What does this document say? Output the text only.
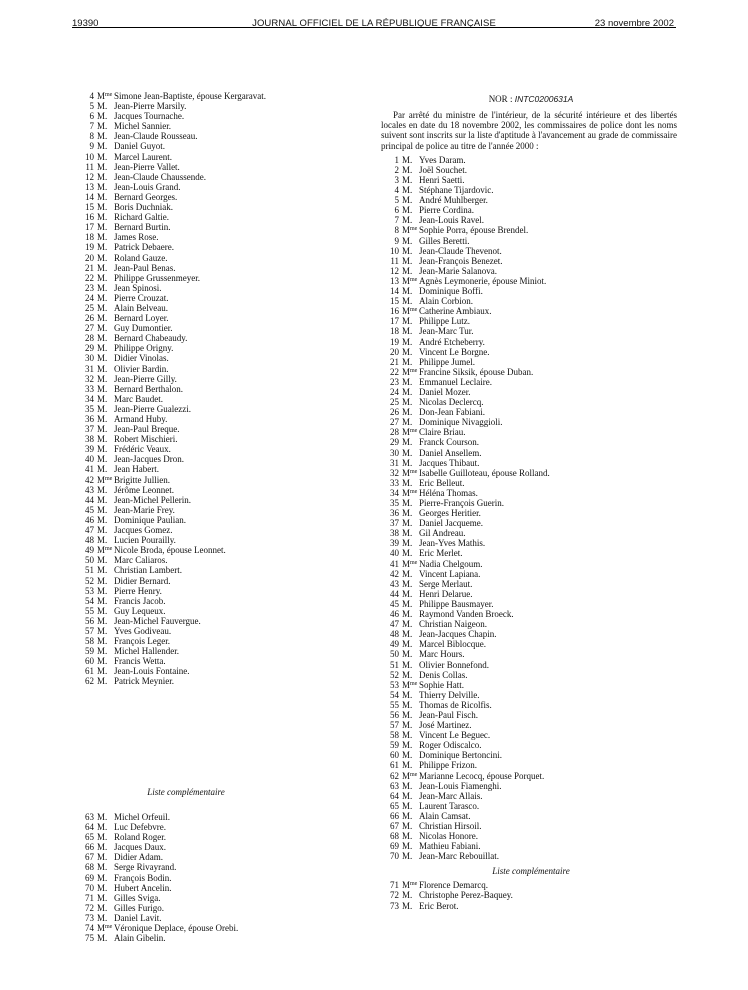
19390	JOURNAL OFFICIEL DE LA RÉPUBLIQUE FRANÇAISE	23 novembre 2002
4 $M^{me}$ Simone Jean-Baptiste, épouse Kergaravat.
5 M. Jean-Pierre Marsily.
6 M. Jacques Tournache.
7 M. Michel Sannier.
8 M. Jean-Claude Rousseau.
9 M. Daniel Guyot.
10 M. Marcel Laurent.
11 M. Jean-Pierre Vallet.
12 M. Jean-Claude Chaussende.
13 M. Jean-Louis Grand.
14 M. Bernard Georges.
15 M. Boris Duchniak.
16 M. Richard Galtie.
17 M. Bernard Burtin.
18 M. James Rose.
19 M. Patrick Debaere.
20 M. Roland Gauze.
21 M. Jean-Paul Benas.
22 M. Philippe Grussenmeyer.
23 M. Jean Spinosi.
24 M. Pierre Crouzat.
25 M. Alain Belveau.
26 M. Bernard Loyer.
27 M. Guy Dumontier.
28 M. Bernard Chabeaudy.
29 M. Philippe Origny.
30 M. Didier Vinolas.
31 M. Olivier Bardin.
32 M. Jean-Pierre Gilly.
33 M. Bernard Berthalon.
34 M. Marc Baudet.
35 M. Jean-Pierre Gualezzi.
36 M. Armand Huby.
37 M. Jean-Paul Breque.
38 M. Robert Mischieri.
39 M. Frédéric Veaux.
40 M. Jean-Jacques Dron.
41 M. Jean Habert.
42 $M^{me}$ Brigitte Jullien.
43 M. Jérôme Leonnet.
44 M. Jean-Michel Pellerin.
45 M. Jean-Marie Frey.
46 M. Dominique Paulian.
47 M. Jacques Gomez.
48 M. Lucien Pourailly.
49 $M^{me}$ Nicole Broda, épouse Leonnet.
50 M. Marc Caliaros.
51 M. Christian Lambert.
52 M. Didier Bernard.
53 M. Pierre Henry.
54 M. Francis Jacob.
55 M. Guy Lequeux.
56 M. Jean-Michel Fauvergue.
57 M. Yves Godiveau.
58 M. François Leger.
59 M. Michel Hallender.
60 M. Francis Wetta.
61 M. Jean-Louis Fontaine.
62 M. Patrick Meynier.
Liste complémentaire
63 M. Michel Orfeuil.
64 M. Luc Defebvre.
65 M. Roland Roger.
66 M. Jacques Daux.
67 M. Didier Adam.
68 M. Serge Rivayrand.
69 M. François Bodin.
70 M. Hubert Ancelin.
71 M. Gilles Sviga.
72 M. Gilles Furigo.
73 M. Daniel Lavit.
74 $M^{me}$ Véronique Deplace, épouse Orebi.
75 M. Alain Gibelin.
NOR : INTC0200631A

Par arrêté du ministre de l'intérieur, de la sécurité intérieure et des libertés locales en date du 18 novembre 2002, les commissaires de police dont les noms suivent sont inscrits sur la liste d'aptitude à l'avancement au grade de commissaire principal de police au titre de l'année 2000 :

1 M. Yves Daram.
2 M. Joël Souchet.
3 M. Henri Saetti.
4 M. Stéphane Tijardovic.
5 M. André Muhlberger.
6 M. Pierre Cordina.
7 M. Jean-Louis Ravel.
8 $M^{me}$ Sophie Porra, épouse Brendel.
9 M. Gilles Beretti.
10 M. Jean-Claude Thevenot.
11 M. Jean-François Benezet.
12 M. Jean-Marie Salanova.
13 $M^{me}$ Agnès Leymonerie, épouse Miniot.
14 M. Dominique Boffi.
15 M. Alain Corbion.
16 $M^{me}$ Catherine Ambiaux.
17 M. Philippe Lutz.
18 M. Jean-Marc Tur.
19 M. André Etcheberry.
20 M. Vincent Le Borgne.
21 M. Philippe Jumel.
22 $M^{me}$ Francine Siksik, épouse Duban.
23 M. Emmanuel Leclaire.
24 M. Daniel Mozer.
25 M. Nicolas Declercq.
26 M. Don-Jean Fabiani.
27 M. Dominique Nivaggioli.
28 $M^{me}$ Claire Briau.
29 M. Franck Courson.
30 M. Daniel Ansellem.
31 M. Jacques Thibaut.
32 $M^{me}$ Isabelle Guilloteau, épouse Rolland.
33 M. Eric Belleut.
34 $M^{me}$ Héléna Thomas.
35 M. Pierre-François Guerin.
36 M. Georges Heritier.
37 M. Daniel Jacqueme.
38 M. Gil Andreau.
39 M. Jean-Yves Mathis.
40 M. Eric Merlet.
41 $M^{me}$ Nadia Chelgoum.
42 M. Vincent Lapiana.
43 M. Serge Merlaut.
44 M. Henri Delarue.
45 M. Philippe Bausmayer.
46 M. Raymond Vanden Broeck.
47 M. Christian Naigeon.
48 M. Jean-Jacques Chapin.
49 M. Marcel Biblocque.
50 M. Marc Hours.
51 M. Olivier Bonnefond.
52 M. Denis Collas.
53 $M^{me}$ Sophie Hatt.
54 M. Thierry Delville.
55 M. Thomas de Ricolfis.
56 M. Jean-Paul Fisch.
57 M. José Martinez.
58 M. Vincent Le Beguec.
59 M. Roger Odiscalco.
60 M. Dominique Bertoncini.
61 M. Philippe Frizon.
62 $M^{me}$ Marianne Lecocq, épouse Porquet.
63 M. Jean-Louis Fiamenghi.
64 M. Jean-Marc Allais.
65 M. Laurent Tarasco.
66 M. Alain Camsat.
67 M. Christian Hirsoil.
68 M. Nicolas Honore.
69 M. Mathieu Fabiani.
70 M. Jean-Marc Rebouillat.
Liste complémentaire
71 $M^{me}$ Florence Demarcq.
72 M. Christophe Perez-Baquey.
73 M. Eric Berot.
